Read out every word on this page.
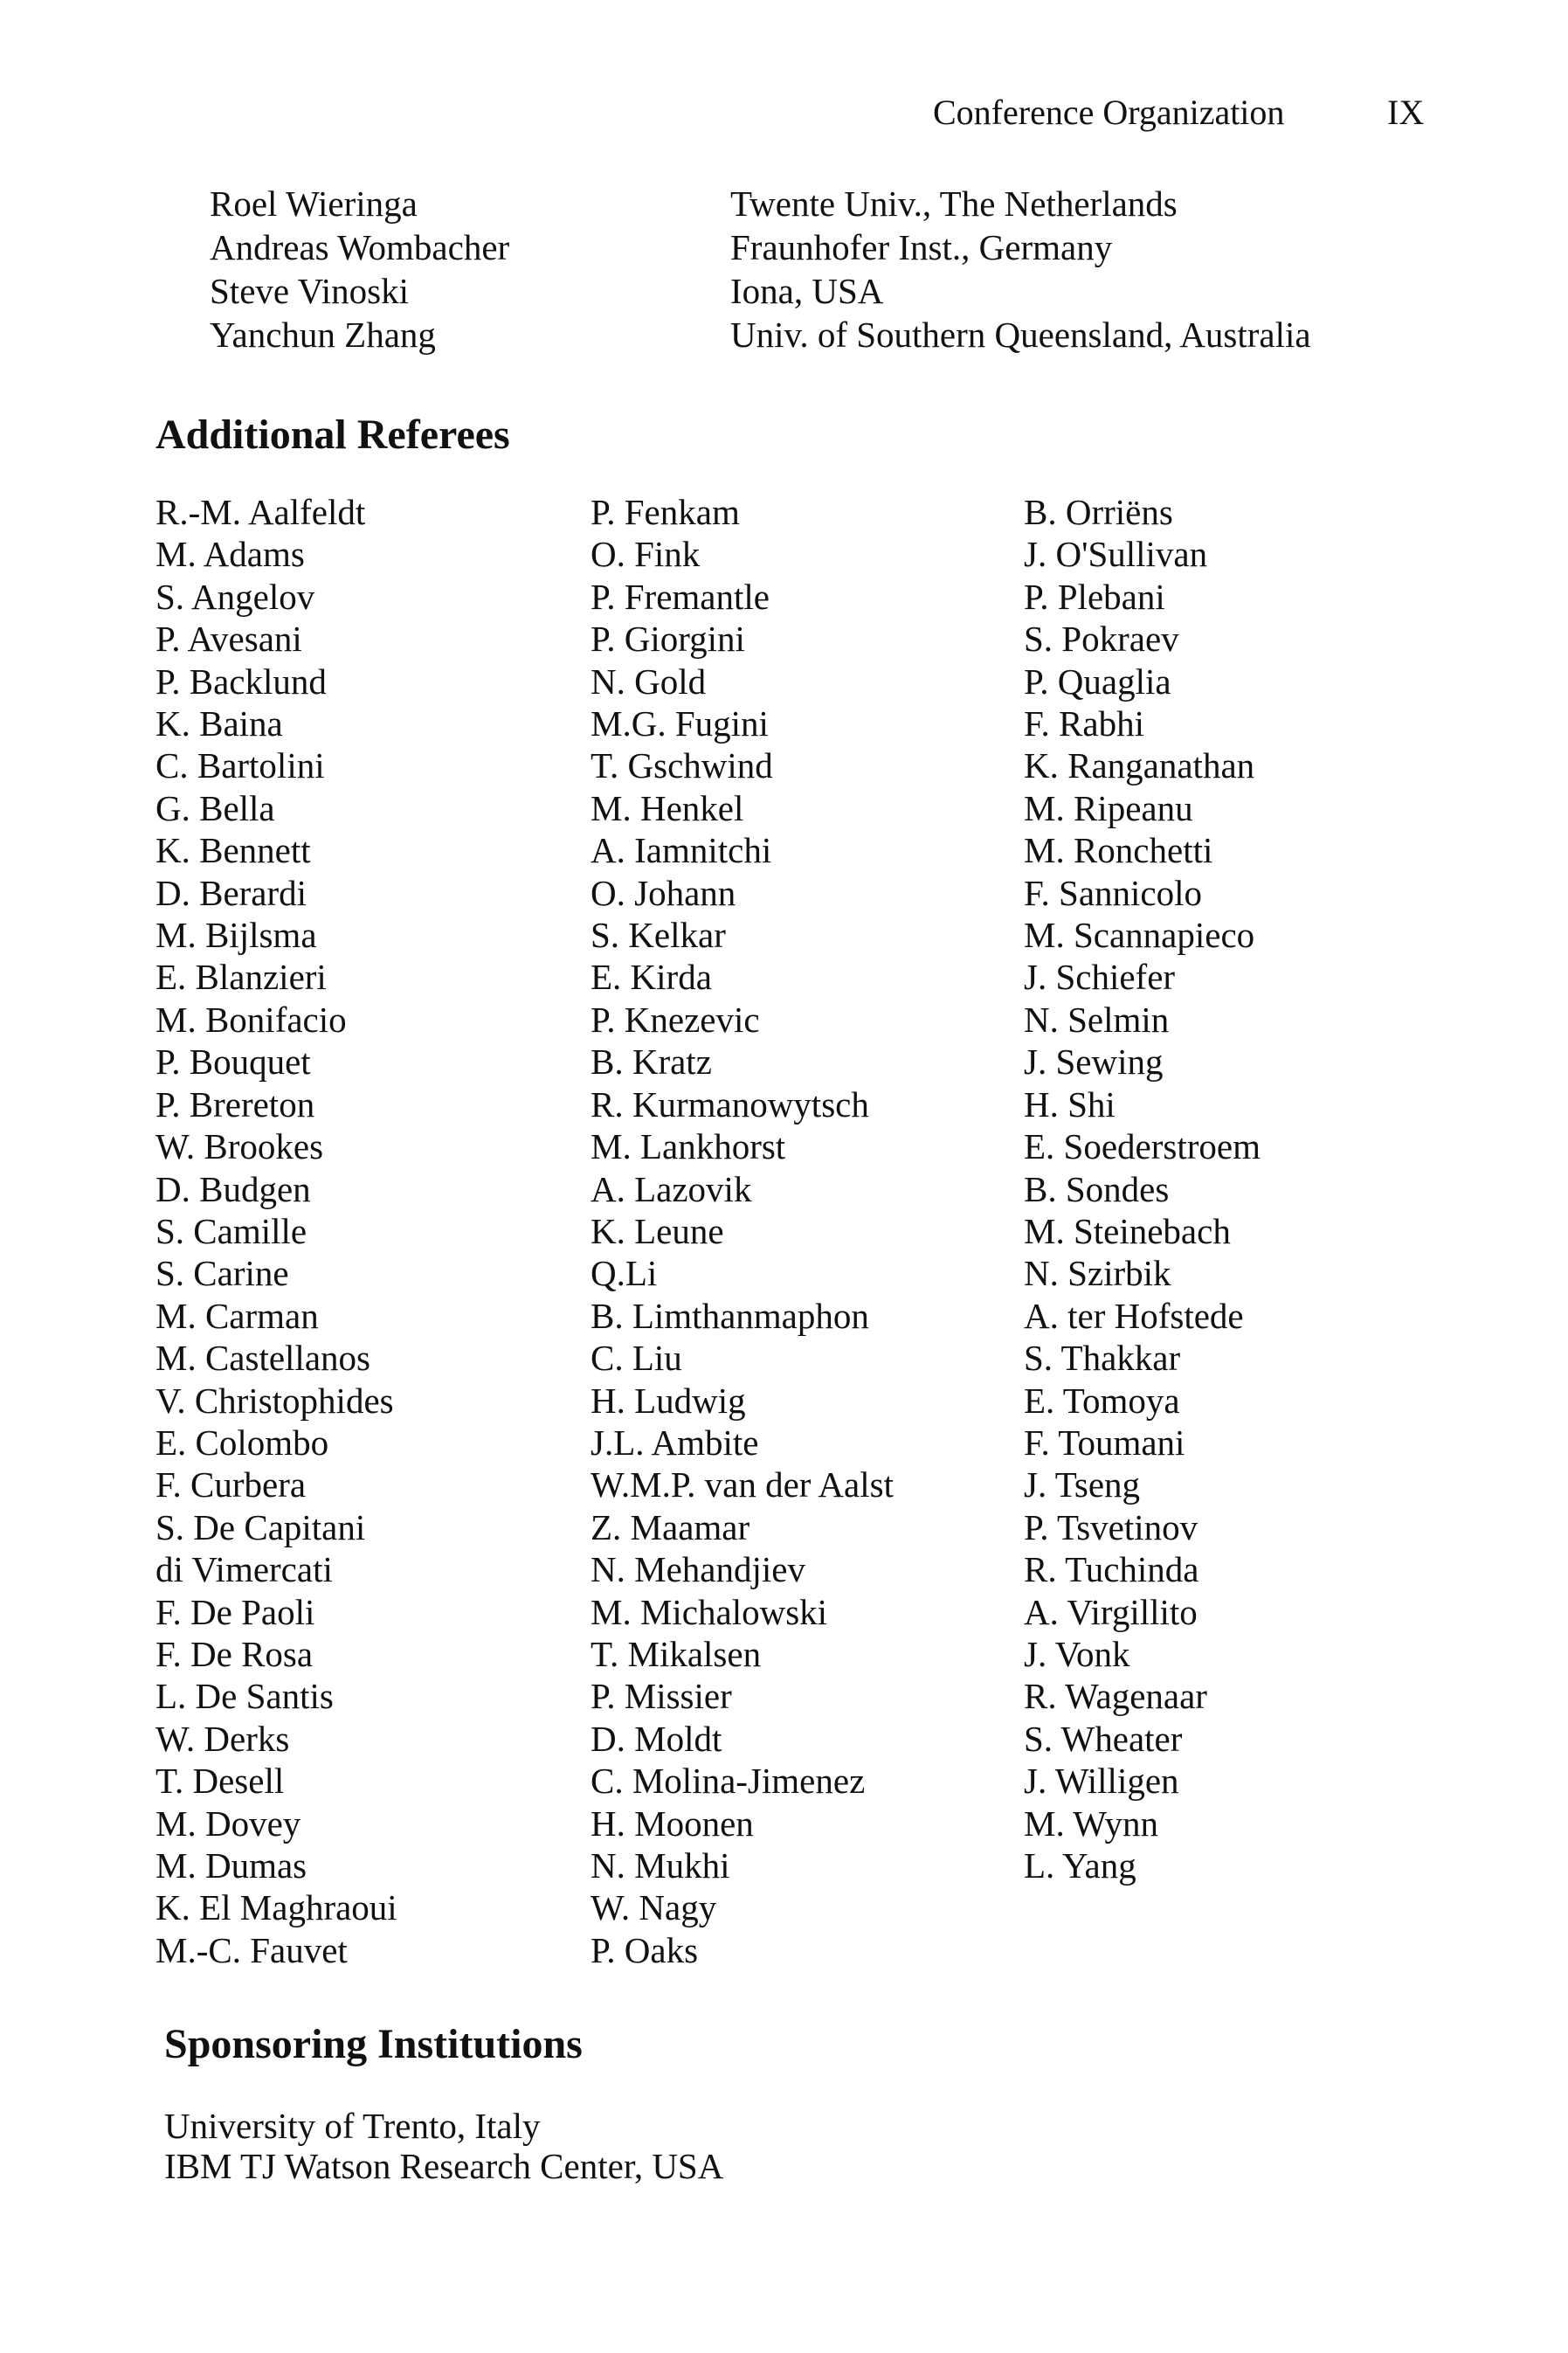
Conference Organization	IX
Roel Wieringa	Twente Univ., The Netherlands
Andreas Wombacher	Fraunhofer Inst., Germany
Steve Vinoski	Iona, USA
Yanchun Zhang	Univ. of Southern Queensland, Australia
Additional Referees
R.-M. Aalfeldt
M. Adams
S. Angelov
P. Avesani
P. Backlund
K. Baina
C. Bartolini
G. Bella
K. Bennett
D. Berardi
M. Bijlsma
E. Blanzieri
M. Bonifacio
P. Bouquet
P. Brereton
W. Brookes
D. Budgen
S. Camille
S. Carine
M. Carman
M. Castellanos
V. Christophides
E. Colombo
F. Curbera
S. De Capitani
di Vimercati
F. De Paoli
F. De Rosa
L. De Santis
W. Derks
T. Desell
M. Dovey
M. Dumas
K. El Maghraoui
M.-C. Fauvet
P. Fenkam
O. Fink
P. Fremantle
P. Giorgini
N. Gold
M.G. Fugini
T. Gschwind
M. Henkel
A. Iamnitchi
O. Johann
S. Kelkar
E. Kirda
P. Knezevic
B. Kratz
R. Kurmanowytsch
M. Lankhorst
A. Lazovik
K. Leune
Q.Li
B. Limthanmaphon
C. Liu
H. Ludwig
J.L. Ambite
W.M.P. van der Aalst
Z. Maamar
N. Mehandjiev
M. Michalowski
T. Mikalsen
P. Missier
D. Moldt
C. Molina-Jimenez
H. Moonen
N. Mukhi
W. Nagy
P. Oaks
B. Orriëns
J. O'Sullivan
P. Plebani
S. Pokraev
P. Quaglia
F. Rabhi
K. Ranganathan
M. Ripeanu
M. Ronchetti
F. Sannicolo
M. Scannapieco
J. Schiefer
N. Selmin
J. Sewing
H. Shi
E. Soederstroem
B. Sondes
M. Steinebach
N. Szirbik
A. ter Hofstede
S. Thakkar
E. Tomoya
F. Toumani
J. Tseng
P. Tsvetinov
R. Tuchinda
A. Virgillito
J. Vonk
R. Wagenaar
S. Wheater
J. Willigen
M. Wynn
L. Yang
Sponsoring Institutions
University of Trento, Italy
IBM TJ Watson Research Center, USA
